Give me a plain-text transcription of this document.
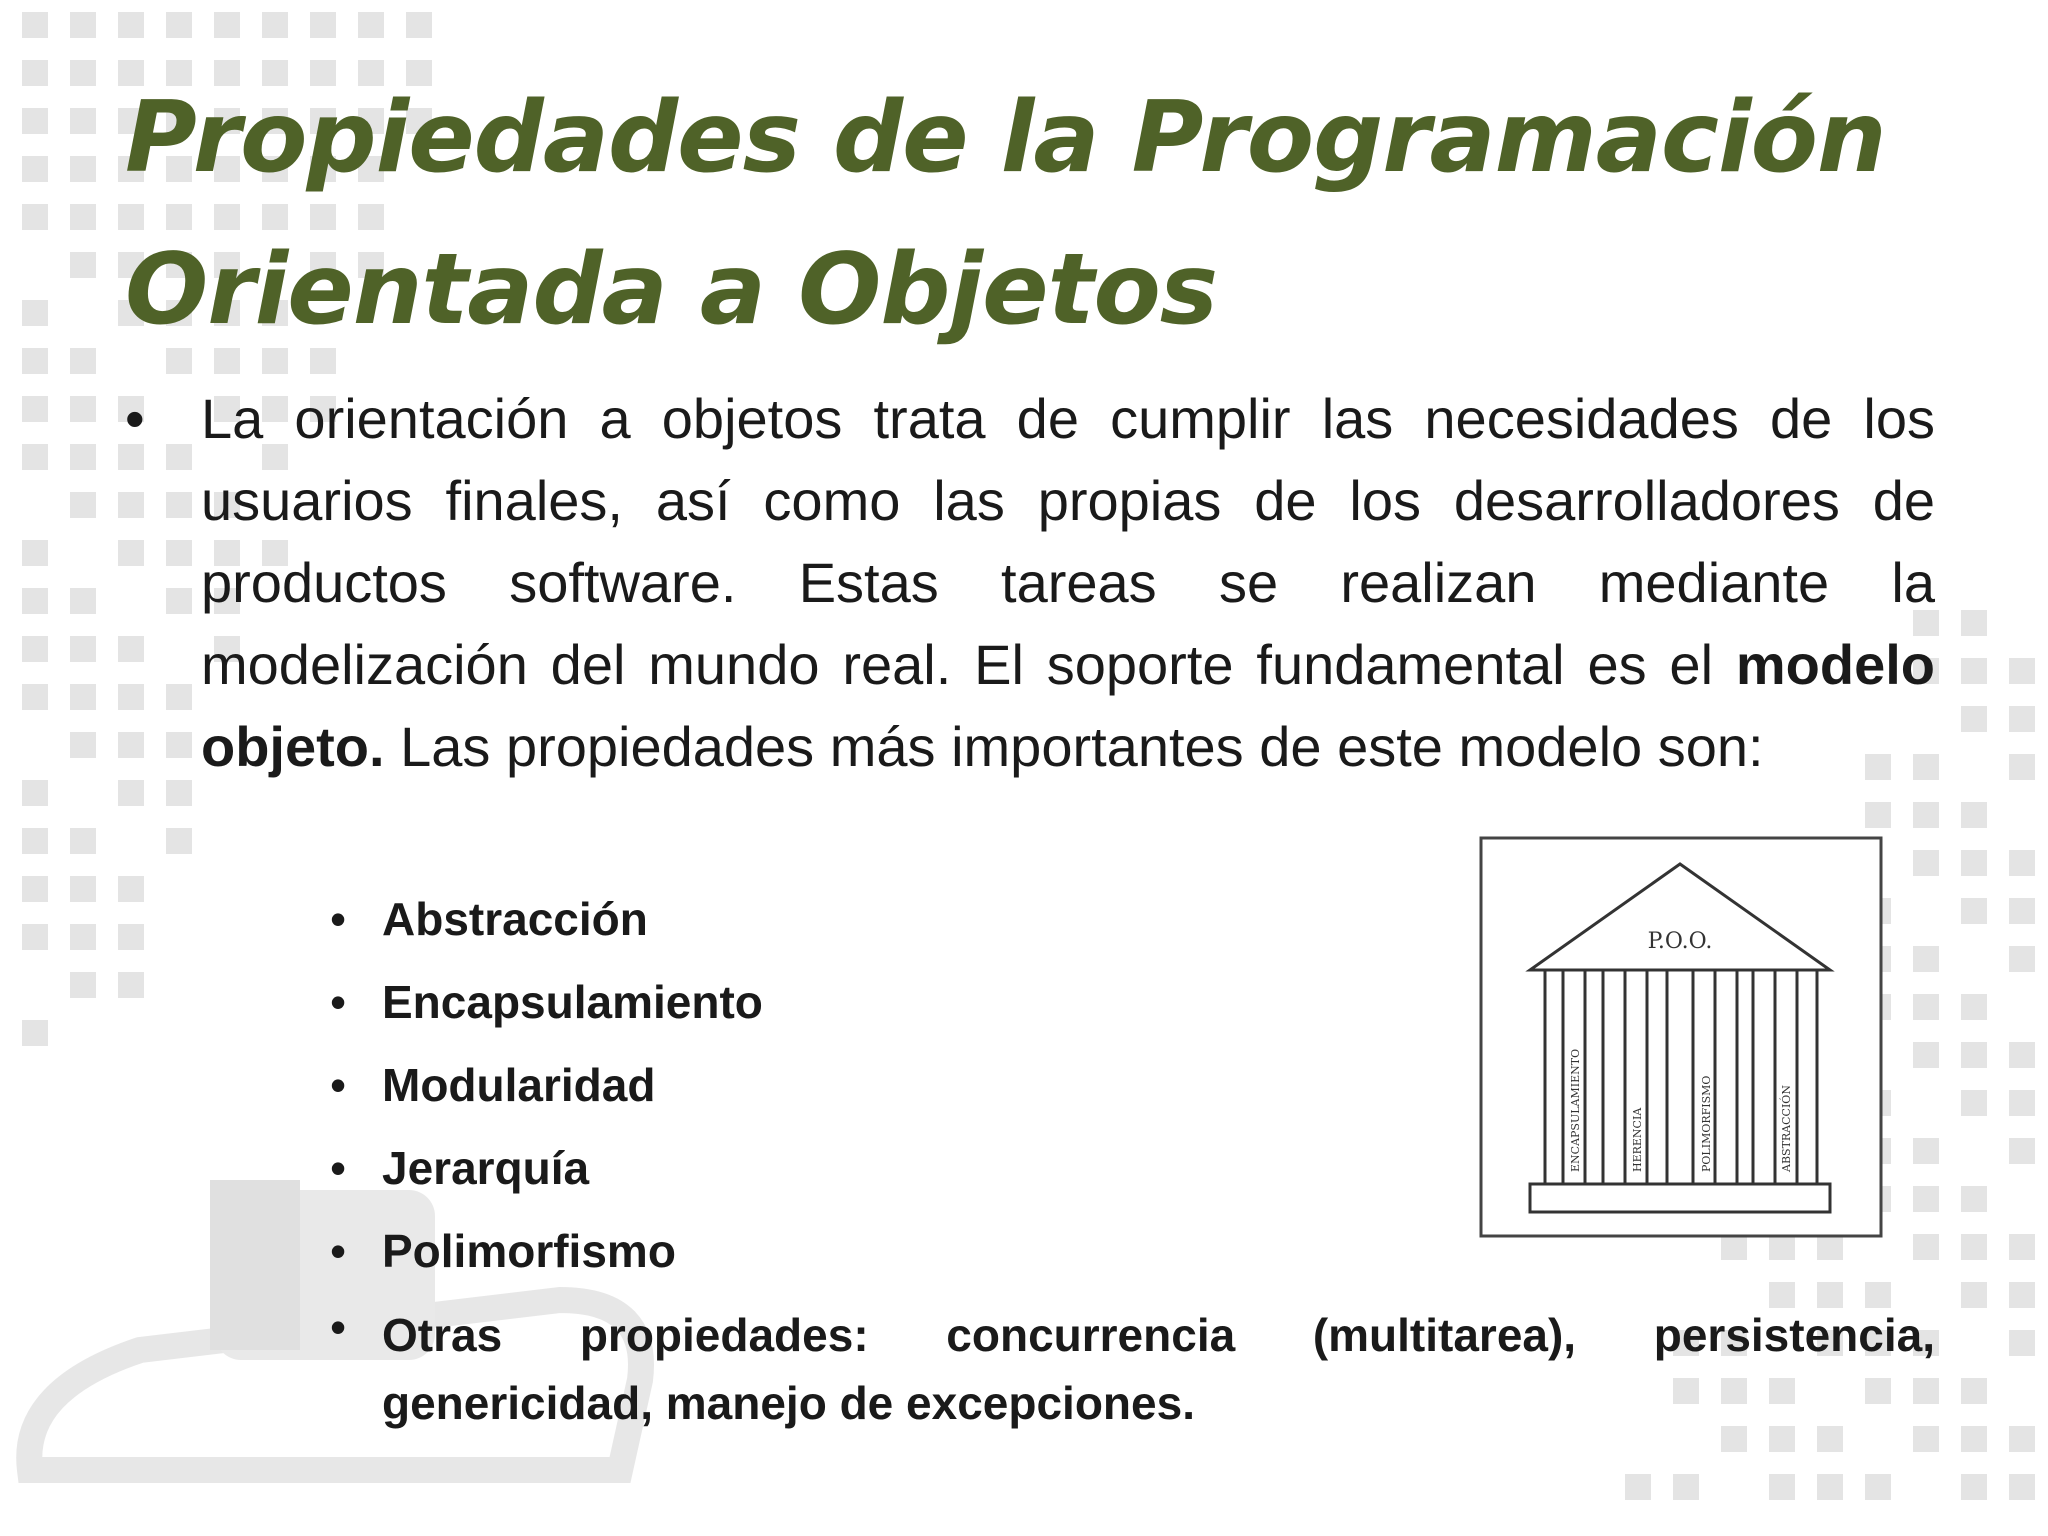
Propiedades de la Programación
Orientada a Objetos
•	La orientación a objetos trata de cumplir las necesidades de los usuarios finales, así como las propias de los desarrolladores de productos software. Estas tareas se realizan mediante la modelización del mundo real. El soporte fundamental es el modelo objeto. Las propiedades más importantes de este modelo son:
• Abstracción
• Encapsulamiento
• Modularidad
• Jerarquía
• Polimorfismo
• Otras propiedades: concurrencia (multitarea), persistencia, genericidad, manejo de excepciones.
P.O.O.
ENCAPSULAMIENTO	HERENCIA	POLIMORFISMO	ABSTRACCIÓN
